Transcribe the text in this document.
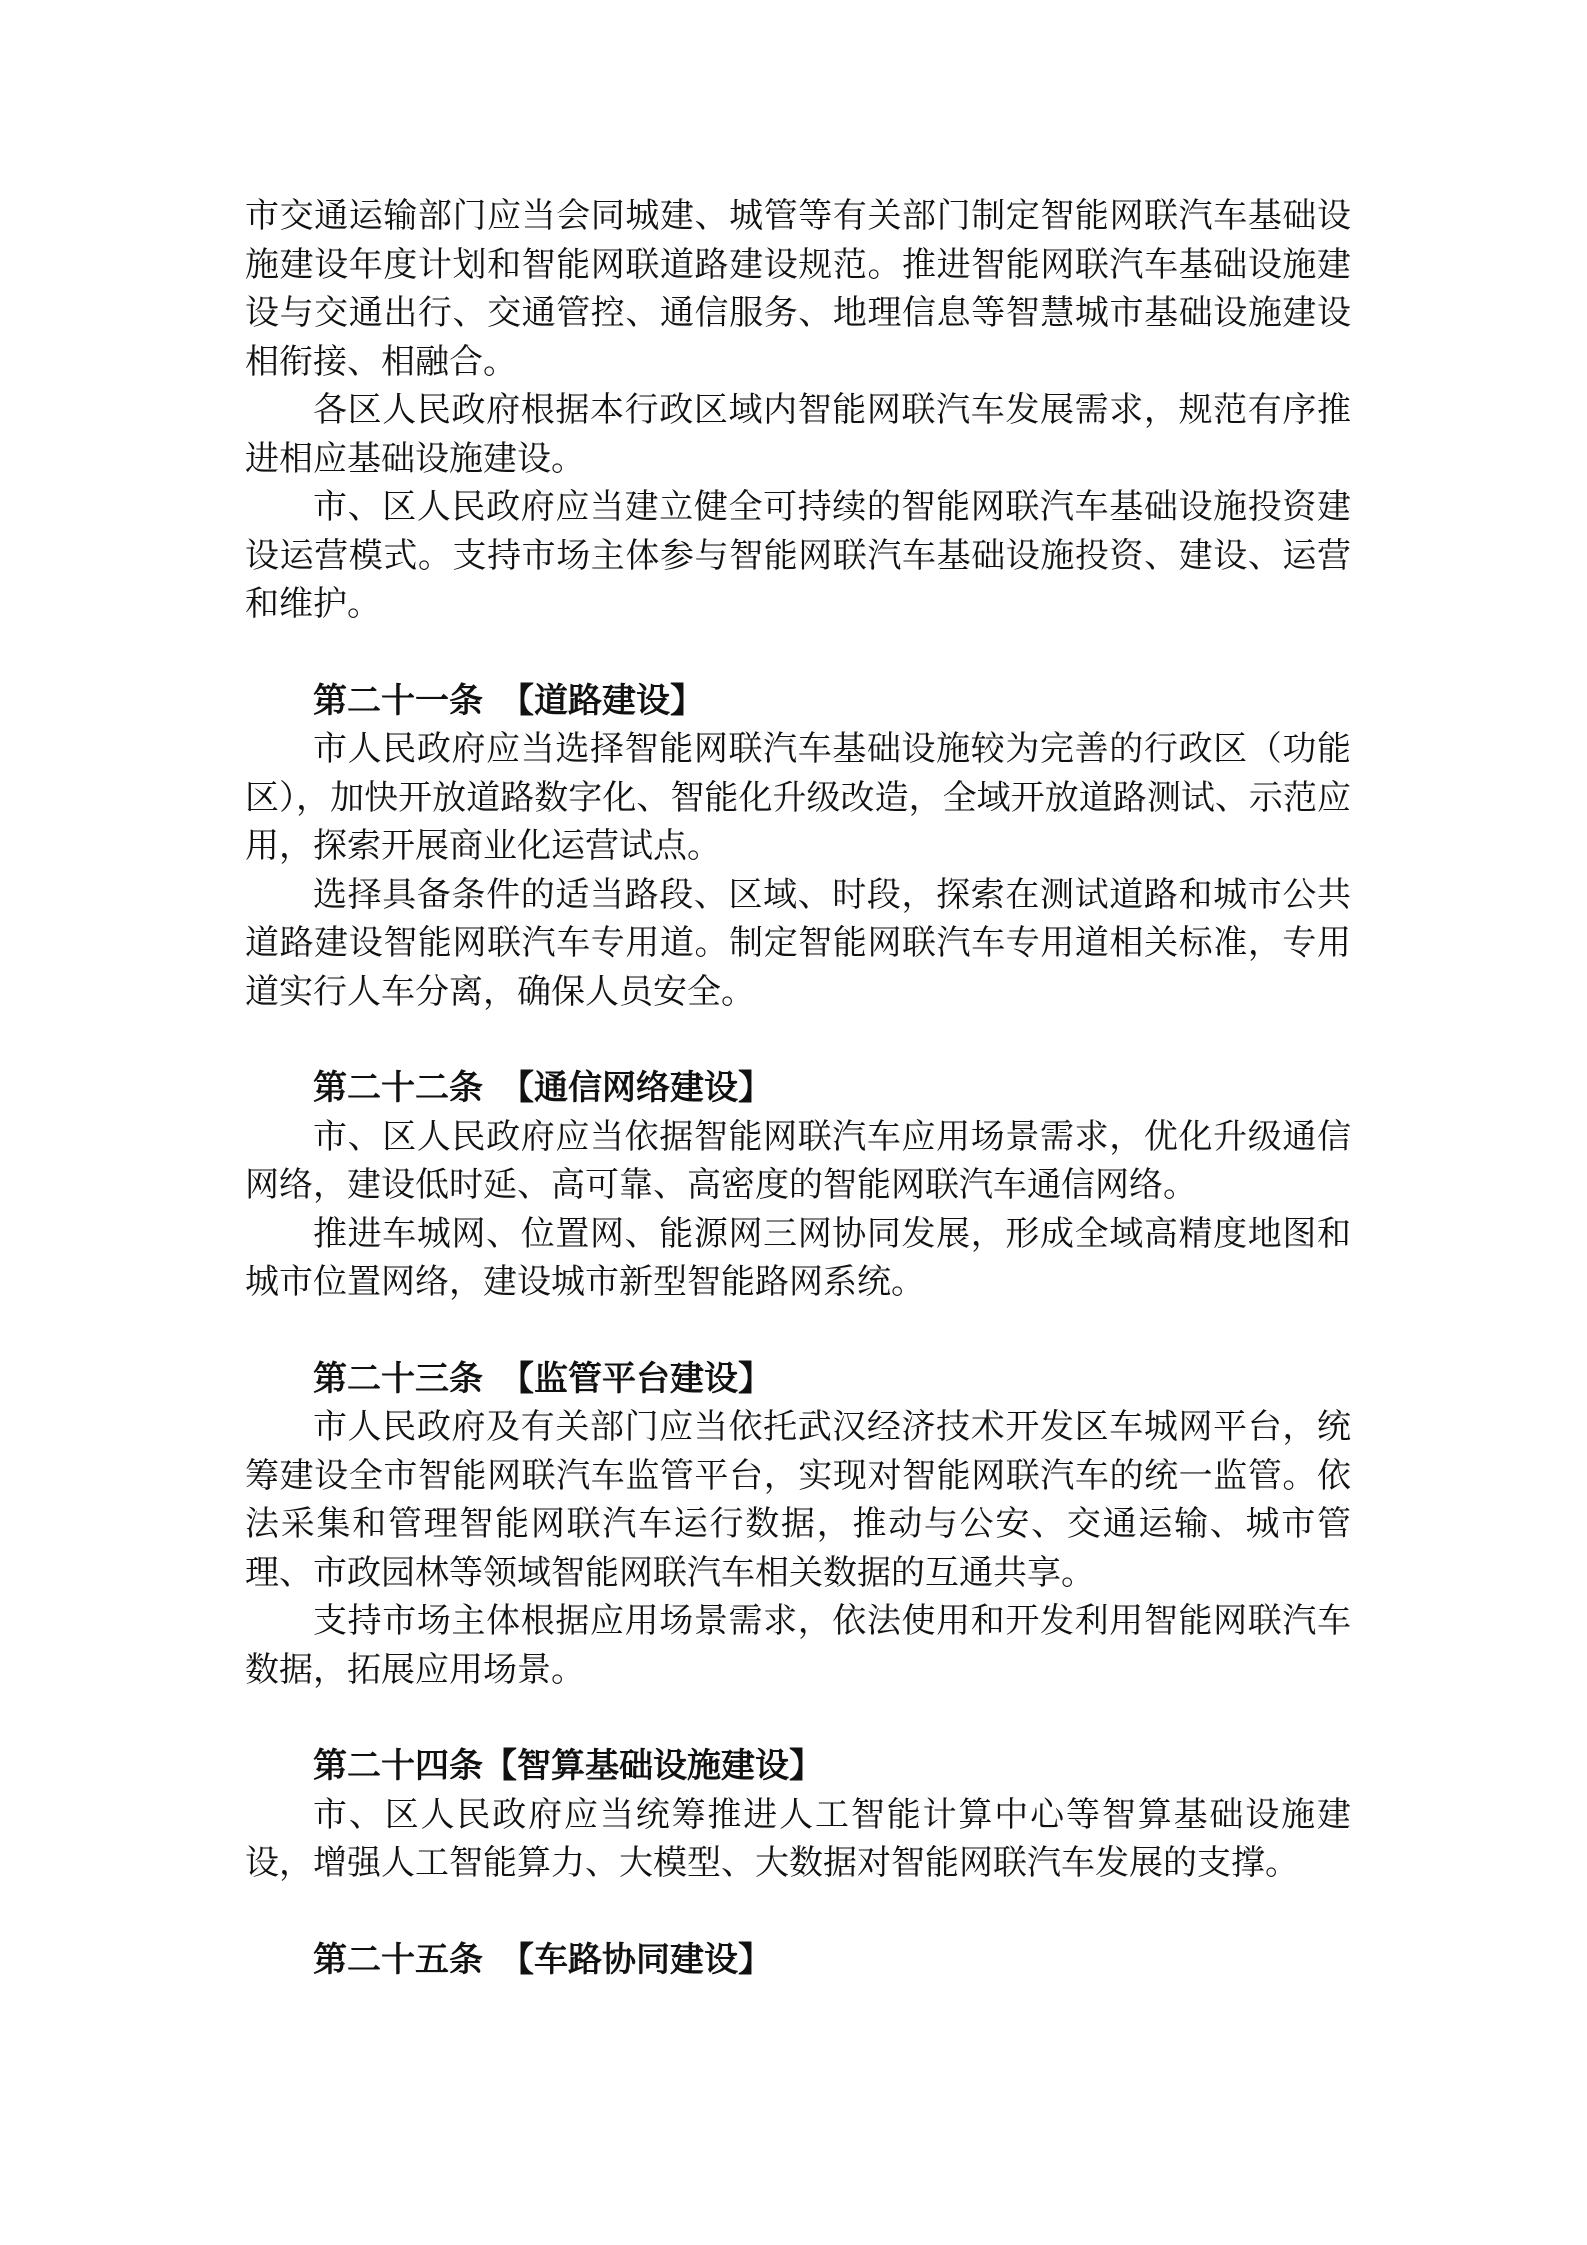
市交通运输部门应当会同城建、城管等有关部门制定智能网联汽车基础设施建设年度计划和智能网联道路建设规范。推进智能网联汽车基础设施建设与交通出行、交通管控、通信服务、地理信息等智慧城市基础设施建设相衔接、相融合。

各区人民政府根据本行政区域内智能网联汽车发展需求，规范有序推进相应基础设施建设。

市、区人民政府应当建立健全可持续的智能网联汽车基础设施投资建设运营模式。支持市场主体参与智能网联汽车基础设施投资、建设、运营和维护。

第二十一条 【道路建设】

市人民政府应当选择智能网联汽车基础设施较为完善的行政区（功能区），加快开放道路数字化、智能化升级改造，全域开放道路测试、示范应用，探索开展商业化运营试点。

选择具备条件的适当路段、区域、时段，探索在测试道路和城市公共道路建设智能网联汽车专用道。制定智能网联汽车专用道相关标准，专用道实行人车分离，确保人员安全。

第二十二条 【通信网络建设】

市、区人民政府应当依据智能网联汽车应用场景需求，优化升级通信网络，建设低时延、高可靠、高密度的智能网联汽车通信网络。

推进车城网、位置网、能源网三网协同发展，形成全域高精度地图和城市位置网络，建设城市新型智能路网系统。

第二十三条 【监管平台建设】

市人民政府及有关部门应当依托武汉经济技术开发区车城网平台，统筹建设全市智能网联汽车监管平台，实现对智能网联汽车的统一监管。依法采集和管理智能网联汽车运行数据，推动与公安、交通运输、城市管理、市政园林等领域智能网联汽车相关数据的互通共享。

支持市场主体根据应用场景需求，依法使用和开发利用智能网联汽车数据，拓展应用场景。

第二十四条【智算基础设施建设】

市、区人民政府应当统筹推进人工智能计算中心等智算基础设施建设，增强人工智能算力、大模型、大数据对智能网联汽车发展的支撑。

第二十五条 【车路协同建设】
